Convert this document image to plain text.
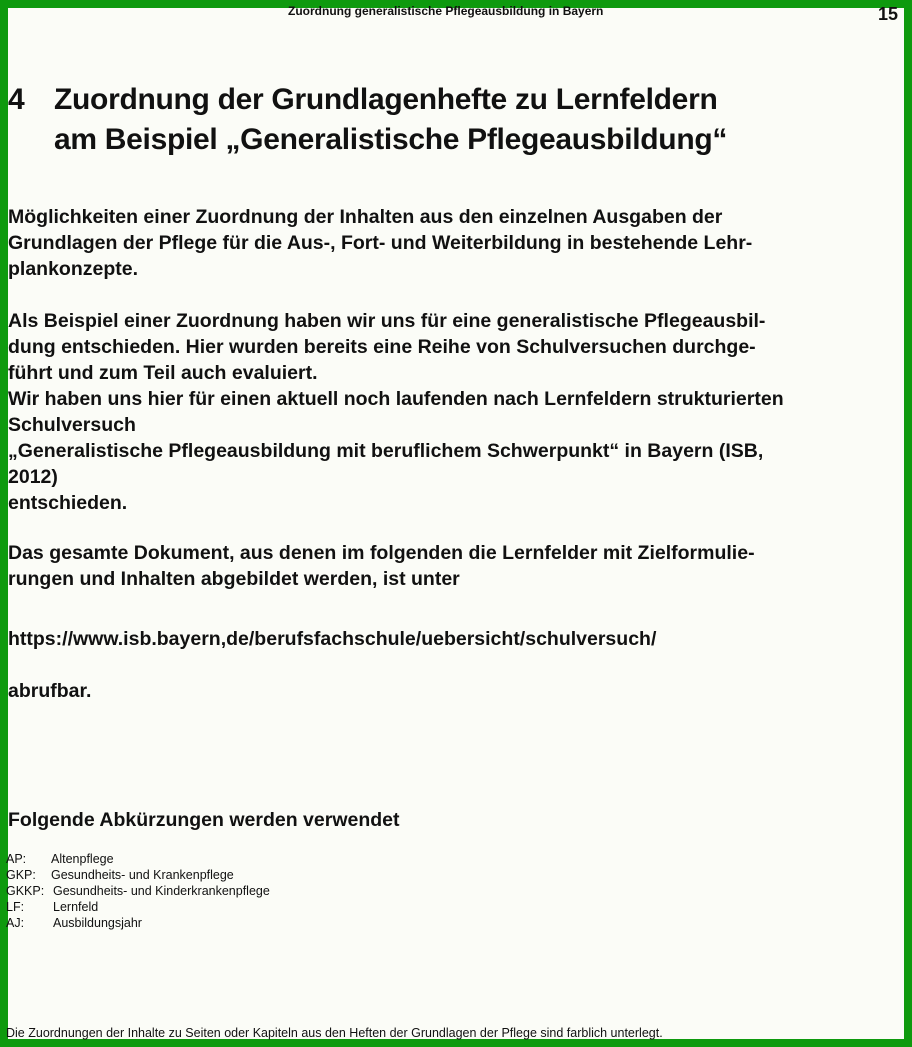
Zuordnung generalistische Pflegeausbildung in Bayern	15
4 Zuordnung der Grundlagenhefte zu Lernfeldern
am Beispiel „Generalistische Pflegeausbildung“
Möglichkeiten einer Zuordnung der Inhalten aus den einzelnen Ausgaben der
Grundlagen der Pflege für die Aus-, Fort- und Weiterbildung in bestehende Lehr-
plankonzepte.
Als Beispiel einer Zuordnung haben wir uns für eine generalistische Pflegeausbil-
dung entschieden. Hier wurden bereits eine Reihe von Schulversuchen durchge-
führt und zum Teil auch evaluiert.
Wir haben uns hier für einen aktuell noch laufenden nach Lernfeldern strukturierten
Schulversuch
„Generalistische Pflegeausbildung mit beruflichem Schwerpunkt“ in Bayern (ISB,
2012)
entschieden.
Das gesamte Dokument, aus denen im folgenden die Lernfelder mit Zielformulie-
rungen und Inhalten abgebildet werden, ist unter
https://www.isb.bayern,de/berufsfachschule/uebersicht/schulversuch/
abrufbar.
Folgende Abkürzungen werden verwendet
AP:	Altenpflege
GKP:	Gesundheits- und Krankenpflege
GKKP: Gesundheits- und Kinderkrankenpflege
LF:	Lernfeld
AJ:	Ausbildungsjahr
Die Zuordnungen der Inhalte zu Seiten oder Kapiteln aus den Heften der Grundlagen der Pflege sind farblich unterlegt.
